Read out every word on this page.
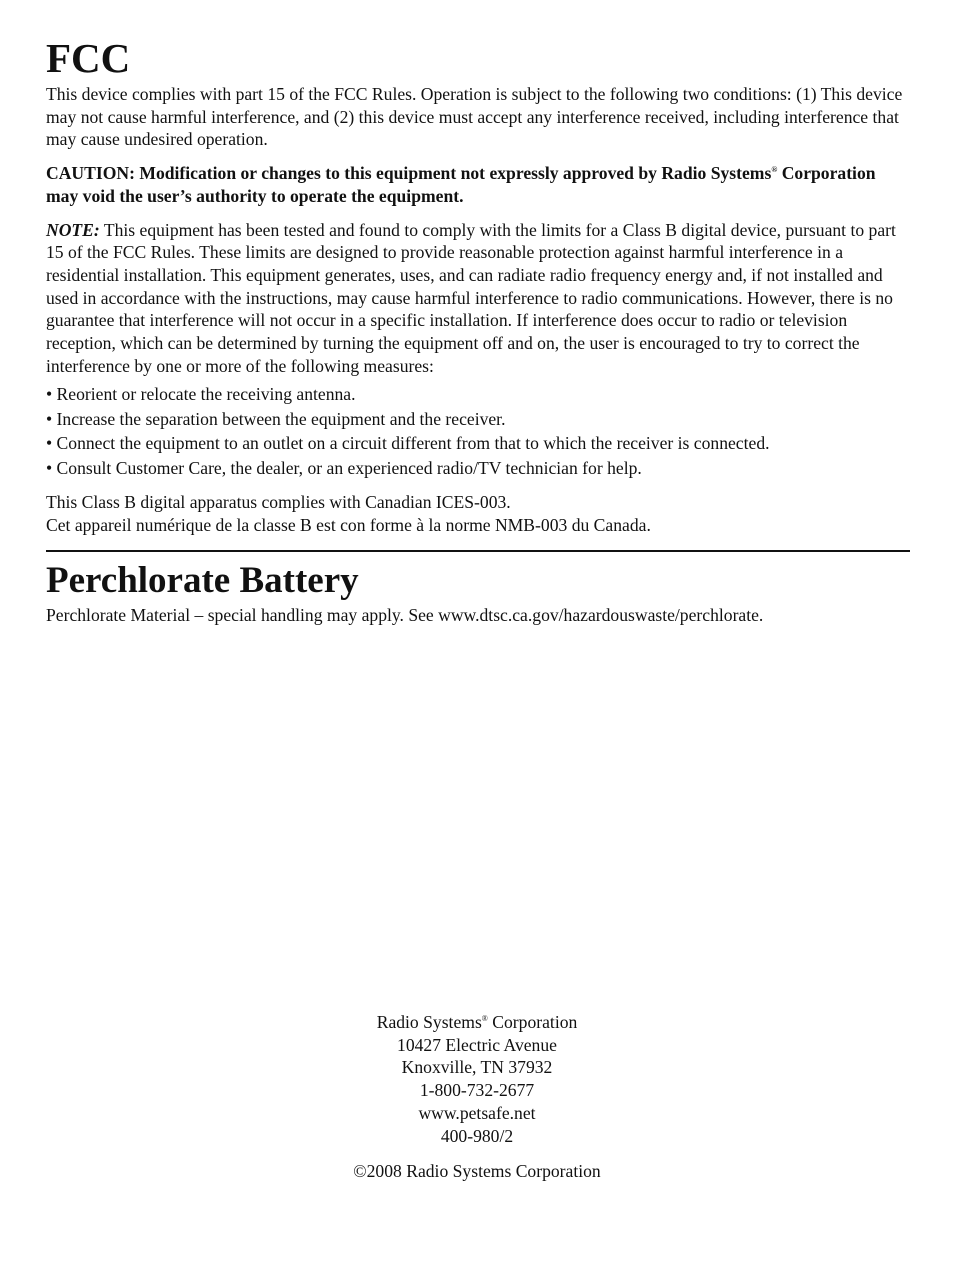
FCC

This device complies with part 15 of the FCC Rules. Operation is subject to the following two conditions: (1) This device may not cause harmful interference, and (2) this device must accept any interference received, including interference that may cause undesired operation.

CAUTION: Modification or changes to this equipment not expressly approved by Radio Systems® Corporation may void the user’s authority to operate the equipment.

NOTE: This equipment has been tested and found to comply with the limits for a Class B digital device, pursuant to part 15 of the FCC Rules. These limits are designed to provide reasonable protection against harmful interference in a residential installation. This equipment generates, uses, and can radiate radio frequency energy and, if not installed and used in accordance with the instructions, may cause harmful interference to radio communications. However, there is no guarantee that interference will not occur in a specific installation. If interference does occur to radio or television reception, which can be determined by turning the equipment off and on, the user is encouraged to try to correct the interference by one or more of the following measures:

• Reorient or relocate the receiving antenna.
• Increase the separation between the equipment and the receiver.
• Connect the equipment to an outlet on a circuit different from that to which the receiver is connected.
• Consult Customer Care, the dealer, or an experienced radio/TV technician for help.

This Class B digital apparatus complies with Canadian ICES-003.

Cet appareil numérique de la classe B est con forme à la norme NMB-003 du Canada.

Perchlorate Battery

Perchlorate Material – special handling may apply. See www.dtsc.ca.gov/hazardouswaste/perchlorate.

Radio Systems® Corporation

10427 Electric Avenue

Knoxville, TN 37932

1-800-732-2677

www.petsafe.net

400-980/2

©2008 Radio Systems Corporation
